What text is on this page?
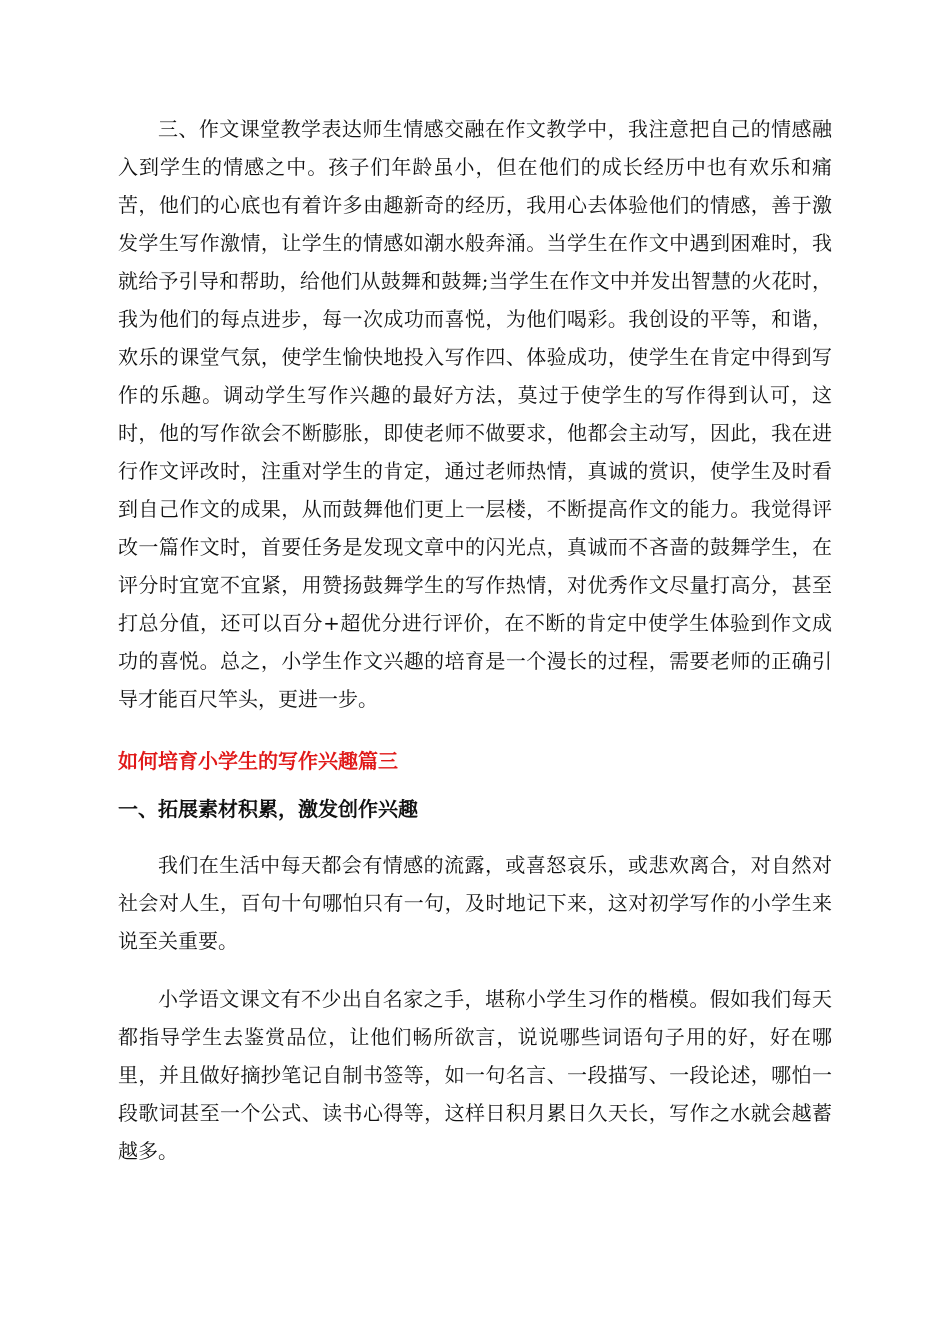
三、作文课堂教学表达师生情感交融在作文教学中，我注意把自己的情感融入到学生的情感之中。孩子们年龄虽小，但在他们的成长经历中也有欢乐和痛苦，他们的心底也有着许多由趣新奇的经历，我用心去体验他们的情感，善于激发学生写作激情，让学生的情感如潮水般奔涌。当学生在作文中遇到困难时，我就给予引导和帮助，给他们从鼓舞和鼓舞;当学生在作文中并发出智慧的火花时，我为他们的每点进步，每一次成功而喜悦，为他们喝彩。我创设的平等，和谐，欢乐的课堂气氛，使学生愉快地投入写作四、体验成功，使学生在肯定中得到写作的乐趣。调动学生写作兴趣的最好方法，莫过于使学生的写作得到认可，这时，他的写作欲会不断膨胀，即使老师不做要求，他都会主动写，因此，我在进行作文评改时，注重对学生的肯定，通过老师热情，真诚的赏识，使学生及时看到自己作文的成果，从而鼓舞他们更上一层楼，不断提高作文的能力。我觉得评改一篇作文时，首要任务是发现文章中的闪光点，真诚而不吝啬的鼓舞学生，在评分时宜宽不宜紧，用赞扬鼓舞学生的写作热情，对优秀作文尽量打高分，甚至打总分值，还可以百分+超优分进行评价，在不断的肯定中使学生体验到作文成功的喜悦。总之，小学生作文兴趣的培育是一个漫长的过程，需要老师的正确引导才能百尺竿头，更进一步。

如何培育小学生的写作兴趣篇三
一、拓展素材积累，激发创作兴趣

我们在生活中每天都会有情感的流露，或喜怒哀乐，或悲欢离合，对自然对社会对人生，百句十句哪怕只有一句，及时地记下来，这对初学写作的小学生来说至关重要。

小学语文课文有不少出自名家之手，堪称小学生习作的楷模。假如我们每天都指导学生去鉴赏品位，让他们畅所欲言，说说哪些词语句子用的好，好在哪里，并且做好摘抄笔记自制书签等，如一句名言、一段描写、一段论述，哪怕一段歌词甚至一个公式、读书心得等，这样日积月累日久天长，写作之水就会越蓄越多。
